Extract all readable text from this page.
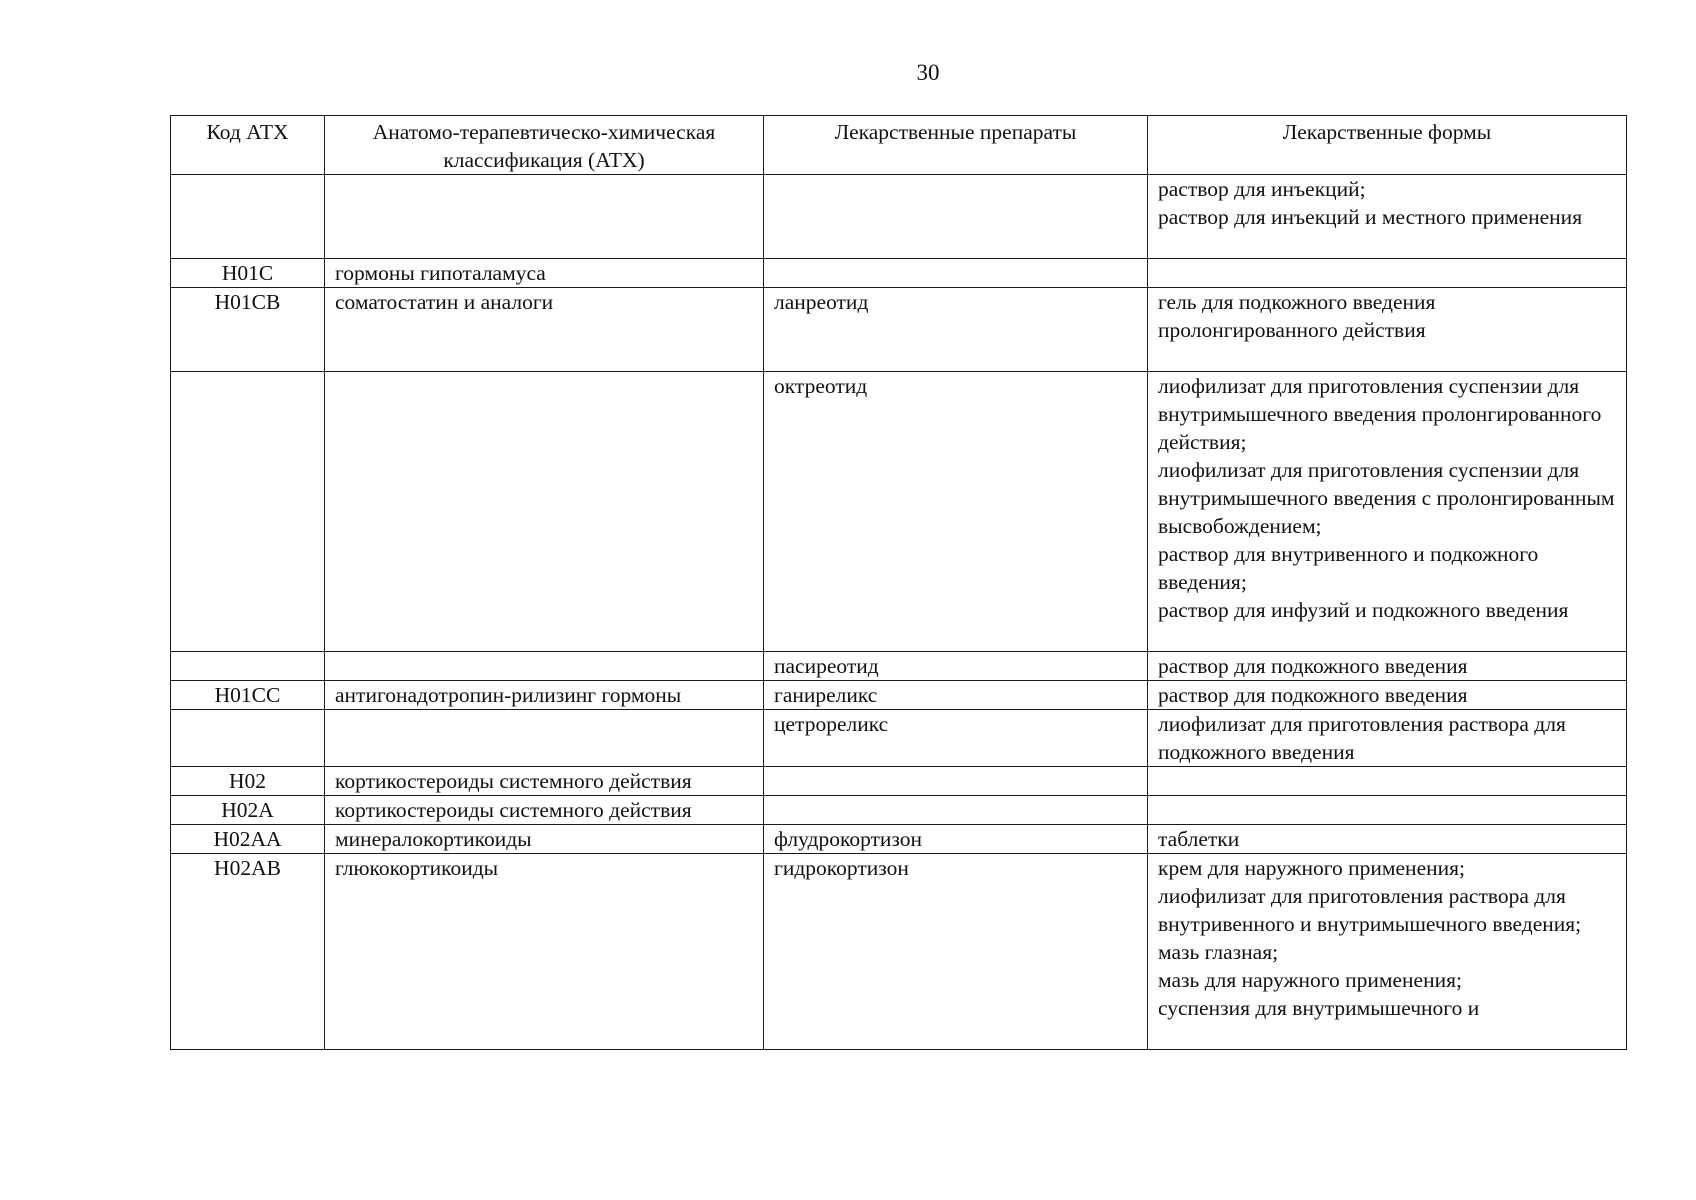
30
Код АТХ	Анатомо-терапевтическо-химическая классификация (АТХ)	Лекарственные препараты	Лекарственные формы
			раствор для инъекций;
раствор для инъекций и местного применения
H01C	гормоны гипоталамуса		
H01CB	соматостатин и аналоги	ланреотид	гель для подкожного введения пролонгированного действия
		октреотид	лиофилизат для приготовления суспензии для внутримышечного введения пролонгированного действия;
лиофилизат для приготовления суспензии для внутримышечного введения с пролонгированным высвобождением;
раствор для внутривенного и подкожного введения;
раствор для инфузий и подкожного введения
		пасиреотид	раствор для подкожного введения
H01CC	антигонадотропин-рилизинг гормоны	ганиреликс	раствор для подкожного введения
		цетрореликс	лиофилизат для приготовления раствора для подкожного введения
H02	кортикостероиды системного действия		
H02A	кортикостероиды системного действия		
H02AA	минералокортикоиды	флудрокортизон	таблетки
H02AB	глюкокортикоиды	гидрокортизон	крем для наружного применения;
лиофилизат для приготовления раствора для внутривенного и внутримышечного введения;
мазь глазная;
мазь для наружного применения;
суспензия для внутримышечного и
